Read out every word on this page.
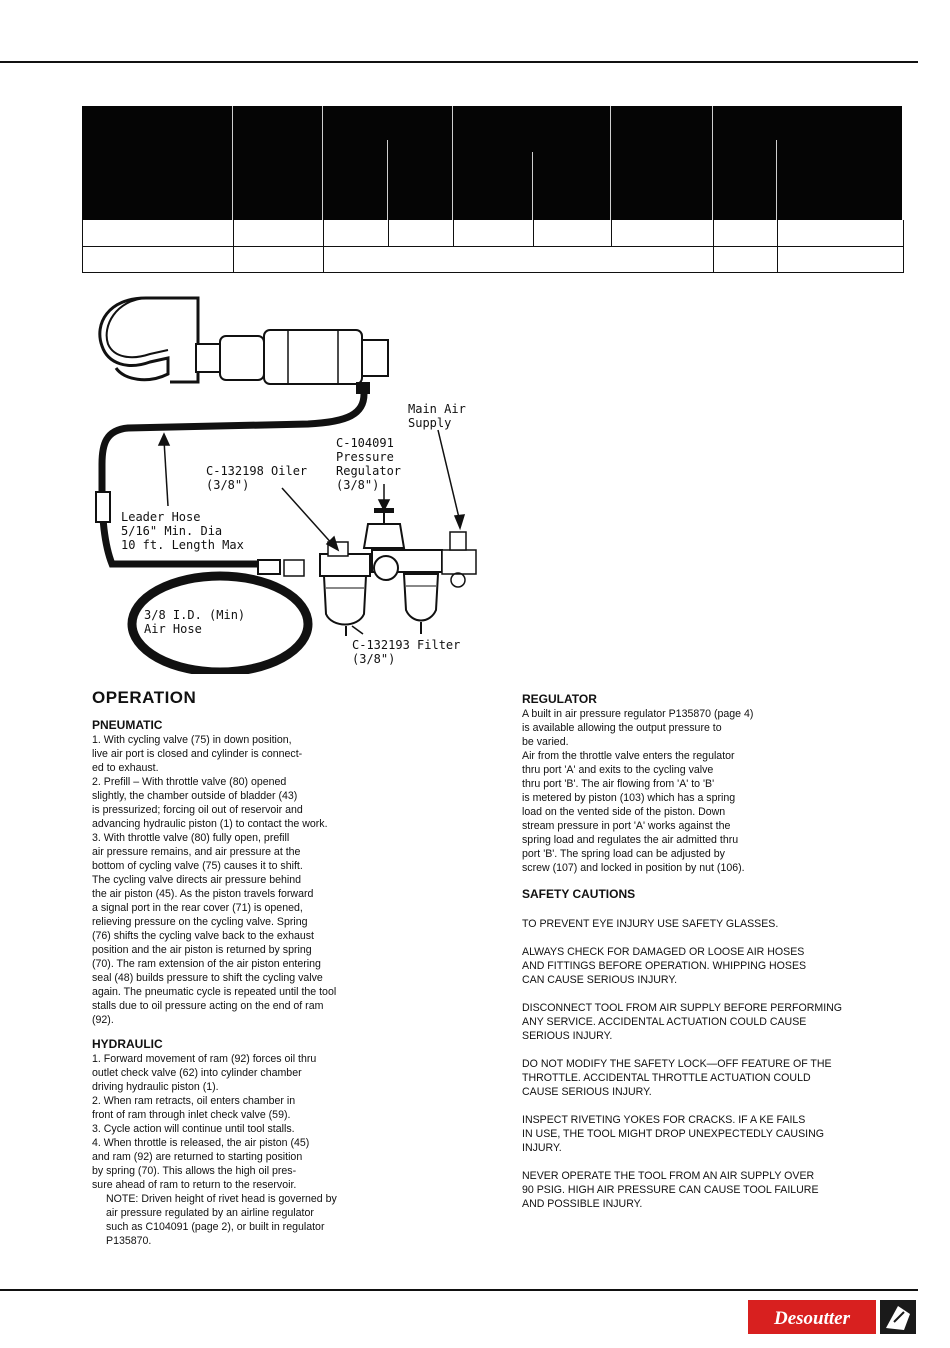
Main Air
Supply
C-104091
Pressure
Regulator
(3/8")
C-132198 Oiler
(3/8")
Leader Hose
5/16" Min. Dia
10 ft. Length Max
3/8 I.D. (Min)
Air Hose
C-132193 Filter
(3/8")
OPERATION
PNEUMATIC
1. With cycling valve (75) in down position,
live air port is closed and cylinder is connect-
ed to exhaust.
2. Prefill – With throttle valve (80) opened
slightly, the chamber outside of bladder (43)
is pressurized; forcing oil out of reservoir and
advancing hydraulic piston (1) to contact the work.
3. With throttle valve (80) fully open, prefill
air pressure remains, and air pressure at the
bottom of cycling valve (75) causes it to shift.
The cycling valve directs air pressure behind
the air piston (45). As the piston travels forward
a signal port in the rear cover (71) is opened,
relieving pressure on the cycling valve. Spring
(76) shifts the cycling valve back to the exhaust
position and the air piston is returned by spring
(70). The ram extension of the air piston entering
seal (48) builds pressure to shift the cycling valve
again. The pneumatic cycle is repeated until the tool
stalls due to oil pressure acting on the end of ram
(92).
HYDRAULIC
1. Forward movement of ram (92) forces oil thru
outlet check valve (62) into cylinder chamber
driving hydraulic piston (1).
2. When ram retracts, oil enters chamber in
front of ram through inlet check valve (59).
3. Cycle action will continue until tool stalls.
4. When throttle is released, the air piston (45)
and ram (92) are returned to starting position
by spring (70). This allows the high oil pres-
sure ahead of ram to return to the reservoir.
NOTE: Driven height of rivet head is governed by
air pressure regulated by an airline regulator
such as C104091 (page 2), or built in regulator
P135870.
REGULATOR
A built in air pressure regulator P135870 (page 4)
is available allowing the output pressure to
be varied.
Air from the throttle valve enters the regulator
thru port 'A' and exits to the cycling valve
thru port 'B'. The air flowing from 'A' to 'B'
is metered by piston (103) which has a spring
load on the vented side of the piston. Down
stream pressure in port 'A' works against the
spring load and regulates the air admitted thru
port 'B'. The spring load can be adjusted by
screw (107) and locked in position by nut (106).
SAFETY CAUTIONS
TO PREVENT EYE INJURY USE SAFETY GLASSES.
ALWAYS CHECK FOR DAMAGED OR LOOSE AIR HOSES
AND FITTINGS BEFORE OPERATION. WHIPPING HOSES
CAN CAUSE SERIOUS INJURY.
DISCONNECT TOOL FROM AIR SUPPLY BEFORE PERFORMING
ANY SERVICE. ACCIDENTAL ACTUATION COULD CAUSE
SERIOUS INJURY.
DO NOT MODIFY THE SAFETY LOCK—OFF FEATURE OF THE
THROTTLE. ACCIDENTAL THROTTLE ACTUATION COULD
CAUSE SERIOUS INJURY.
INSPECT RIVETING YOKES FOR CRACKS. IF A KE FAILS
IN USE, THE TOOL MIGHT DROP UNEXPECTEDLY CAUSING
INJURY.
NEVER OPERATE THE TOOL FROM AN AIR SUPPLY OVER
90 PSIG. HIGH AIR PRESSURE CAN CAUSE TOOL FAILURE
AND POSSIBLE INJURY.
Desoutter
